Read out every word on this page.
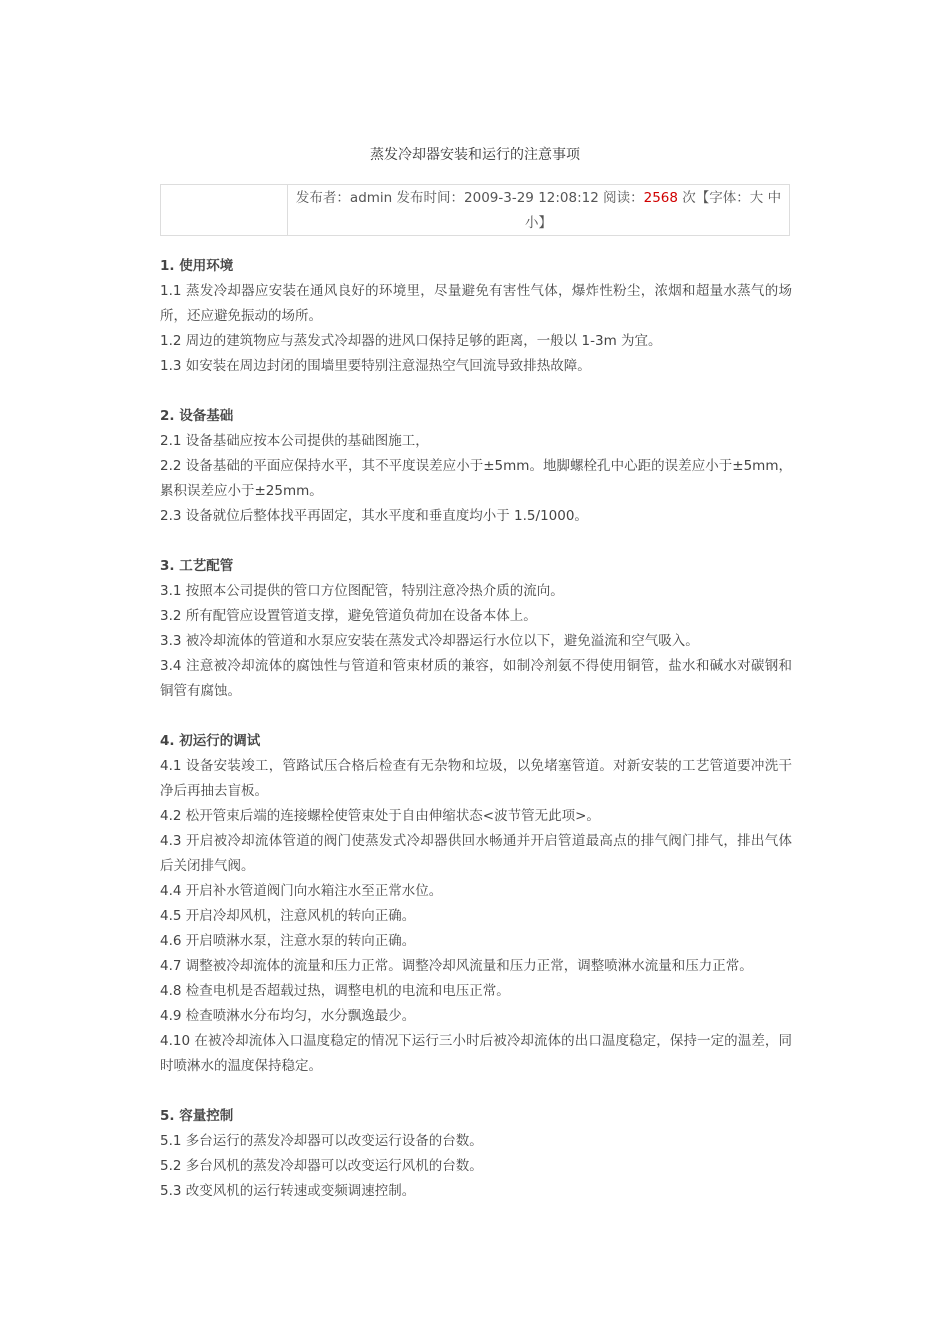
蒸发冷却器安装和运行的注意事项
发布者：admin 发布时间：2009-3-29 12:08:12 阅读：2568 次【字体：大 中 小】
1. 使用环境
1.1 蒸发冷却器应安装在通风良好的环境里，尽量避免有害性气体，爆炸性粉尘，浓烟和超量水蒸气的场所，还应避免振动的场所。
1.2 周边的建筑物应与蒸发式冷却器的进风口保持足够的距离，一般以 1-3m 为宜。
1.3 如安装在周边封闭的围墙里要特别注意湿热空气回流导致排热故障。
2. 设备基础
2.1 设备基础应按本公司提供的基础图施工，
2.2 设备基础的平面应保持水平，其不平度误差应小于±5mm。地脚螺栓孔中心距的误差应小于±5mm，累积误差应小于±25mm。
2.3 设备就位后整体找平再固定，其水平度和垂直度均小于 1.5/1000。
3. 工艺配管
3.1 按照本公司提供的管口方位图配管，特别注意冷热介质的流向。
3.2 所有配管应设置管道支撑，避免管道负荷加在设备本体上。
3.3 被冷却流体的管道和水泵应安装在蒸发式冷却器运行水位以下，避免溢流和空气吸入。
3.4 注意被冷却流体的腐蚀性与管道和管束材质的兼容，如制冷剂氨不得使用铜管，盐水和碱水对碳钢和铜管有腐蚀。
4. 初运行的调试
4.1 设备安装竣工，管路试压合格后检查有无杂物和垃圾，以免堵塞管道。对新安装的工艺管道要冲洗干净后再抽去盲板。
4.2 松开管束后端的连接螺栓使管束处于自由伸缩状态<波节管无此项>。
4.3 开启被冷却流体管道的阀门使蒸发式冷却器供回水畅通并开启管道最高点的排气阀门排气，排出气体后关闭排气阀。
4.4 开启补水管道阀门向水箱注水至正常水位。
4.5 开启冷却风机，注意风机的转向正确。
4.6 开启喷淋水泵，注意水泵的转向正确。
4.7 调整被冷却流体的流量和压力正常。调整冷却风流量和压力正常，调整喷淋水流量和压力正常。
4.8 检查电机是否超载过热，调整电机的电流和电压正常。
4.9 检查喷淋水分布均匀，水分飘逸最少。
4.10 在被冷却流体入口温度稳定的情况下运行三小时后被冷却流体的出口温度稳定，保持一定的温差，同时喷淋水的温度保持稳定。
5. 容量控制
5.1 多台运行的蒸发冷却器可以改变运行设备的台数。
5.2 多台风机的蒸发冷却器可以改变运行风机的台数。
5.3 改变风机的运行转速或变频调速控制。
